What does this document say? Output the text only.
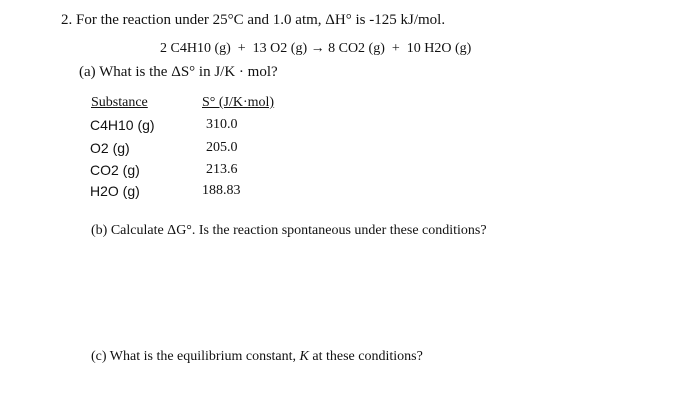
2. For the reaction under 25°C and 1.0 atm, ΔH° is -125 kJ/mol.
2 C4H10 (g)  +  13 O2 (g) → 8 CO2 (g)  +  10 H2O (g)
(a) What is the ΔS° in J/K · mol?
Substance	S° (J/K·mol)
C4H10 (g)	310.0
O2 (g)	205.0
CO2 (g)	213.6
H2O (g)	188.83
(b) Calculate ΔG°. Is the reaction spontaneous under these conditions?
(c) What is the equilibrium constant, K at these conditions?
